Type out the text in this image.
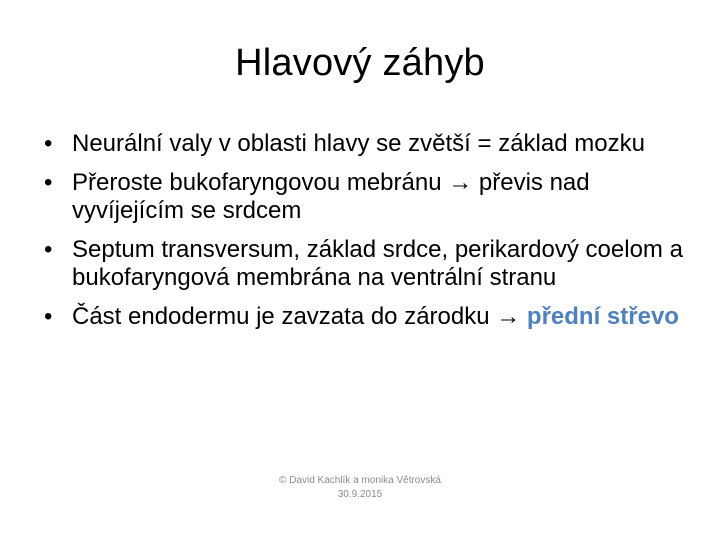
Hlavový záhyb
• Neurální valy v oblasti hlavy se zvětší = základ mozku
• Přeroste bukofaryngovou mebránu → převis nad vyvíjejícím se srdcem
• Septum transversum, základ srdce, perikardový coelom a bukofaryngová membrána na ventrální stranu
• Část endodermu je zavzata do zárodku → přední střevo
© David Kachlík a monika Větrovská
30.9.2015
